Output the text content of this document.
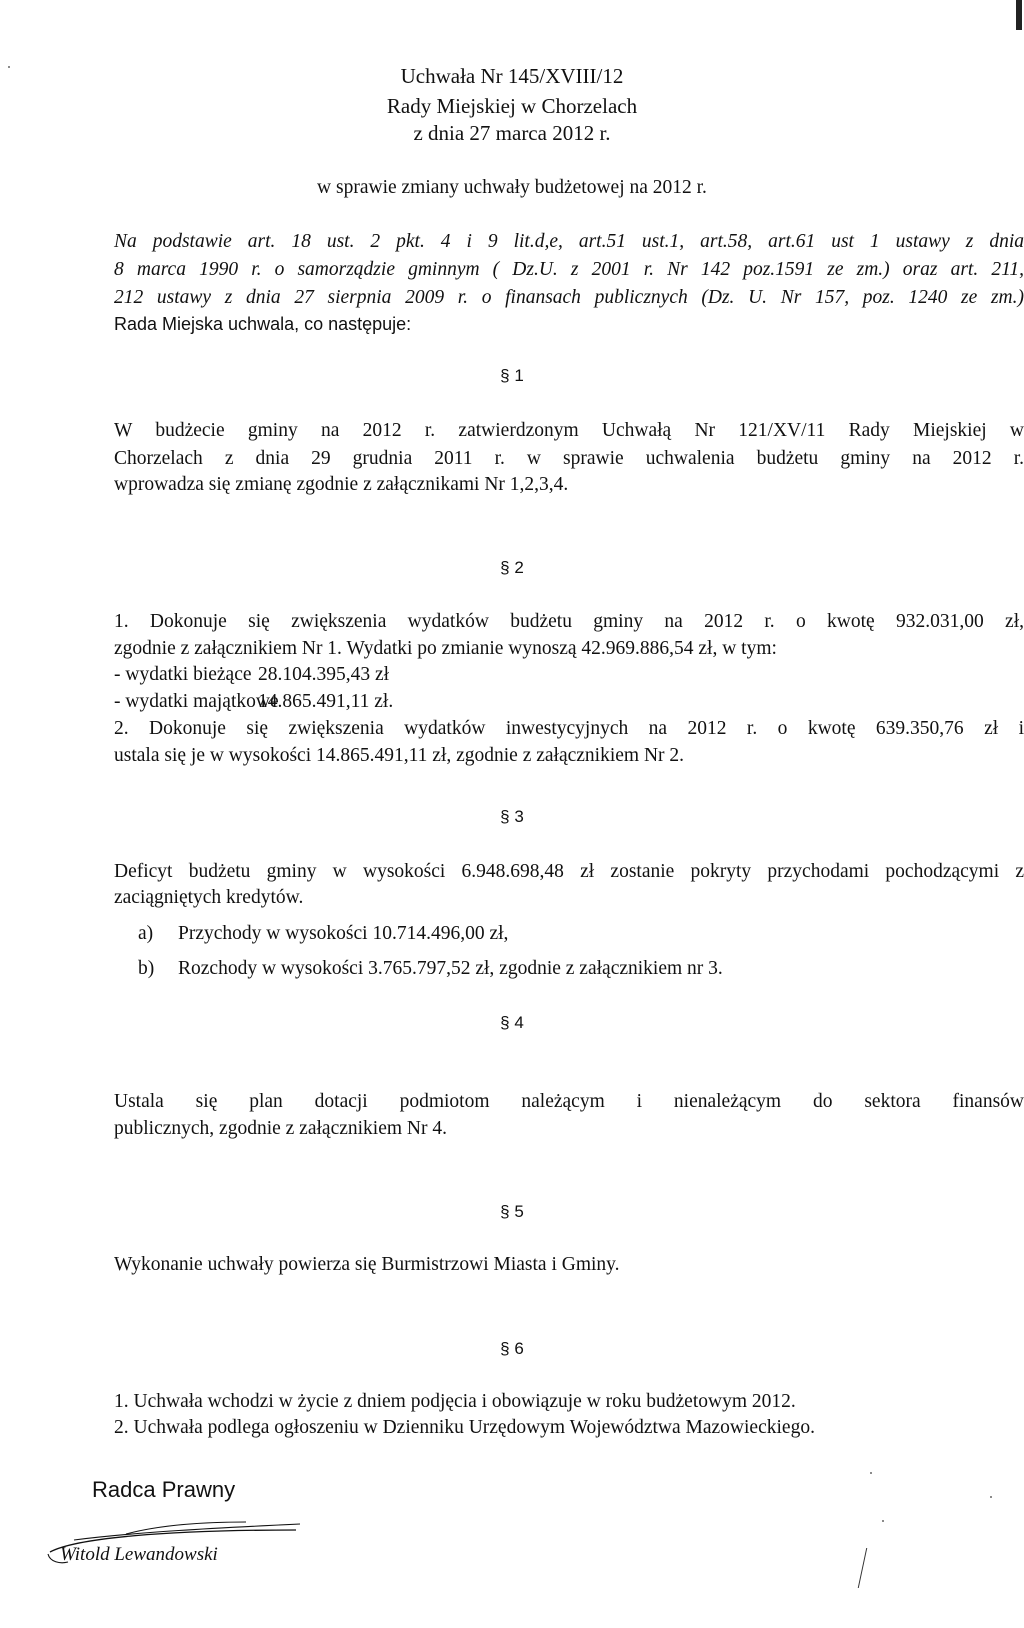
Uchwała Nr 145/XVIII/12
Rady Miejskiej w Chorzelach
z dnia 27 marca 2012 r.
w sprawie zmiany uchwały budżetowej na 2012 r.
Na podstawie art. 18 ust. 2 pkt. 4 i 9 lit.d,e, art.51 ust.1, art.58, art.61 ust 1 ustawy z dnia
8 marca 1990 r. o samorządzie gminnym ( Dz.U. z 2001 r. Nr 142 poz.1591 ze zm.) oraz art. 211,
212 ustawy z dnia 27 sierpnia 2009 r. o finansach publicznych (Dz. U. Nr 157, poz. 1240 ze zm.)
Rada Miejska uchwala, co następuje:
§ 1
W budżecie gminy na 2012 r. zatwierdzonym Uchwałą Nr 121/XV/11 Rady Miejskiej w
Chorzelach z dnia 29 grudnia 2011 r. w sprawie uchwalenia budżetu gminy na 2012 r.
wprowadza się zmianę zgodnie z załącznikami Nr 1,2,3,4.
§ 2
1. Dokonuje się zwiększenia wydatków budżetu gminy na 2012 r. o kwotę 932.031,00 zł,
zgodnie z załącznikiem Nr 1. Wydatki po zmianie wynoszą 42.969.886,54 zł, w tym:
- wydatki bieżące 28.104.395,43 zł
- wydatki majątkowe14.865.491,11 zł.
2. Dokonuje się zwiększenia wydatków inwestycyjnych na 2012 r. o kwotę 639.350,76 zł i
ustala się je w wysokości 14.865.491,11 zł, zgodnie z załącznikiem Nr 2.
§ 3
Deficyt budżetu gminy w wysokości 6.948.698,48 zł zostanie pokryty przychodami pochodzącymi z
zaciągniętych kredytów.
a) Przychody w wysokości 10.714.496,00 zł,
b) Rozchody w wysokości 3.765.797,52 zł, zgodnie z załącznikiem nr 3.
§ 4
Ustala się plan dotacji podmiotom należącym i nienależącym do sektora finansów
publicznych, zgodnie z załącznikiem Nr 4.
§ 5
Wykonanie uchwały powierza się Burmistrzowi Miasta i Gminy.
§ 6
1. Uchwała wchodzi w życie z dniem podjęcia i obowiązuje w roku budżetowym 2012.
2. Uchwała podlega ogłoszeniu w Dzienniku Urzędowym Województwa Mazowieckiego.
Radca Prawny
Witold Lewandowski
